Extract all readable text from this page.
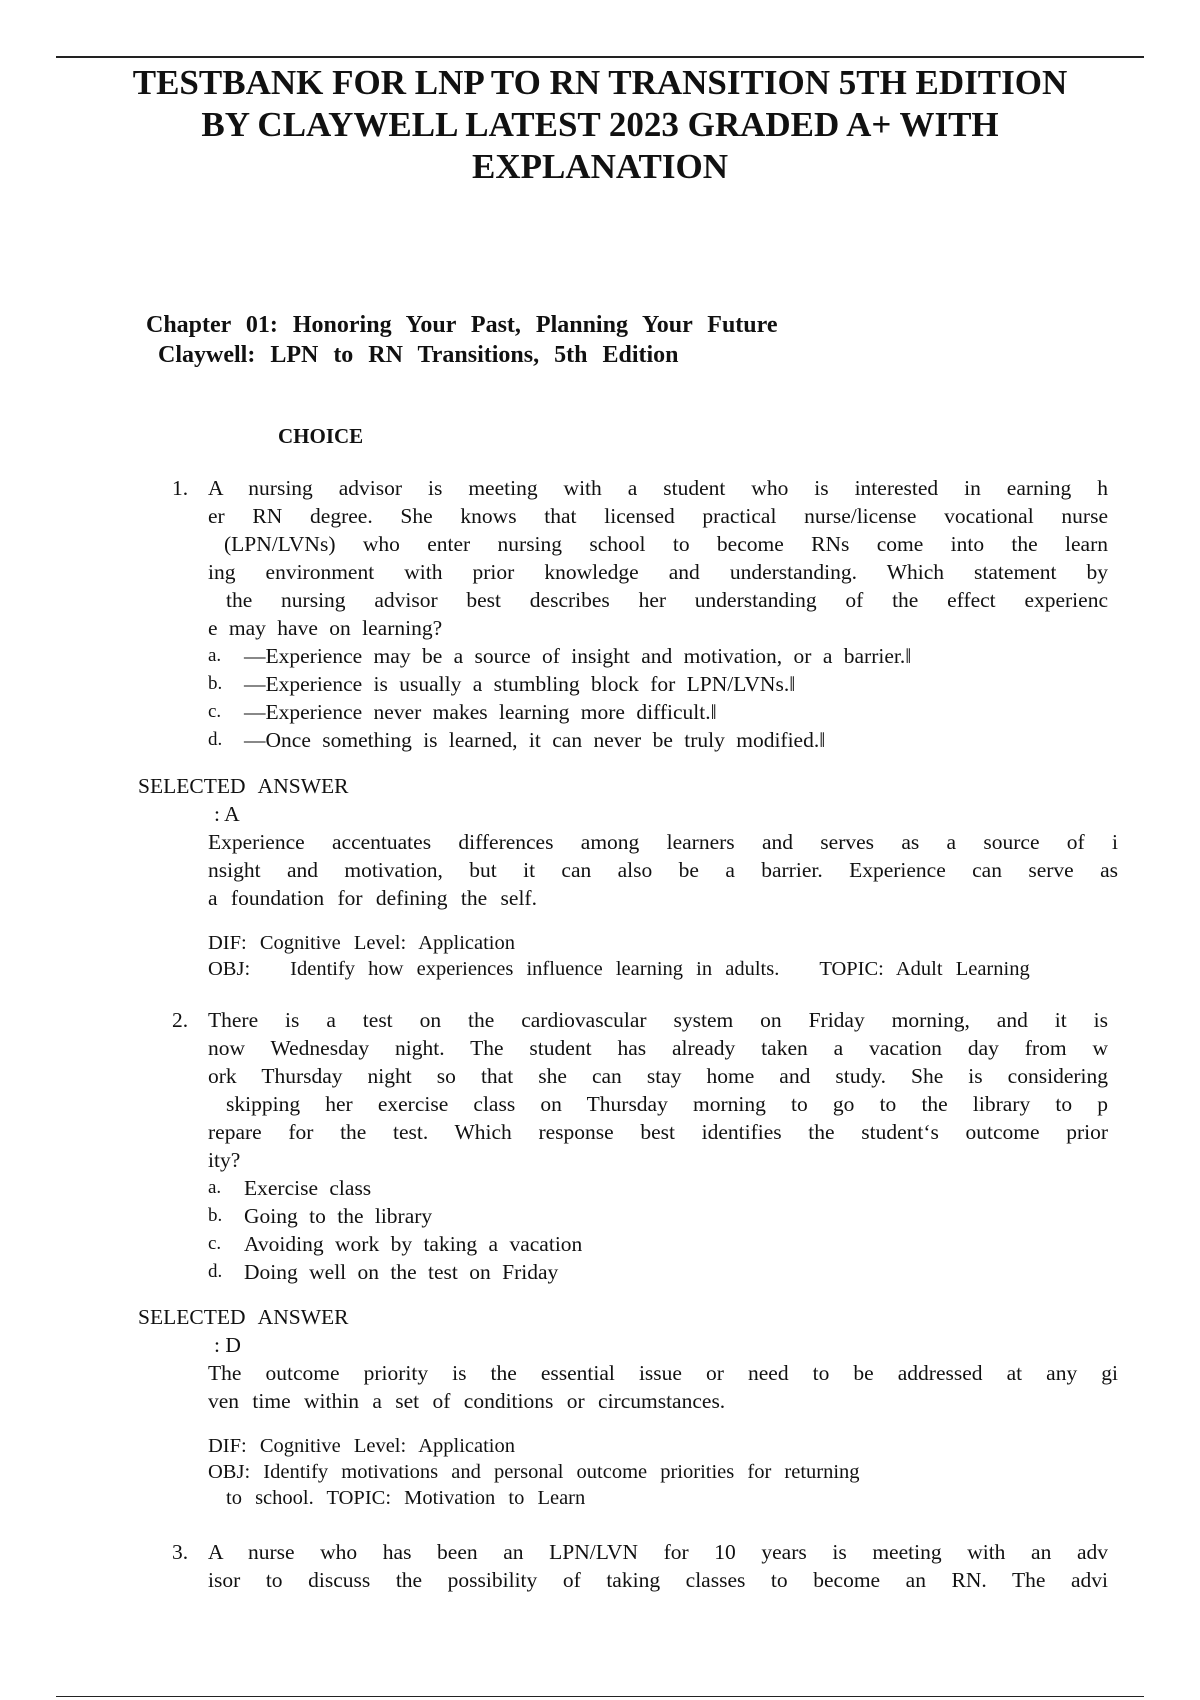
TESTBANK FOR LNP TO RN TRANSITION 5TH EDITION
BY CLAYWELL LATEST 2023 GRADED A+ WITH
EXPLANATION
Chapter 01: Honoring Your Past, Planning Your Future
Claywell: LPN to RN Transitions, 5th Edition
CHOICE
1. A nursing advisor is meeting with a student who is interested in earning h
er RN degree. She knows that licensed practical nurse/license vocational nurse
(LPN/LVNs) who enter nursing school to become RNs come into the learn
ing environment with prior knowledge and understanding. Which statement by
the nursing advisor best describes her understanding of the effect experienc
e may have on learning?
a.	—Experience may be a source of insight and motivation, or a barrier.‖
b.	—Experience is usually a stumbling block for LPN/LVNs.‖
c.	—Experience never makes learning more difficult.‖
d.	—Once something is learned, it can never be truly modified.‖
SELECTED ANSWER
: A
Experience accentuates differences among learners and serves as a source of i
nsight and motivation, but it can also be a barrier. Experience can serve as
a foundation for defining the self.
DIF: Cognitive Level: Application
OBJ: Identify how experiences influence learning in adults. TOPIC: Adult Learning
2. There is a test on the cardiovascular system on Friday morning, and it is
now Wednesday night. The student has already taken a vacation day from w
ork Thursday night so that she can stay home and study. She is considering
skipping her exercise class on Thursday morning to go to the library to p
repare for the test. Which response best identifies the student‘s outcome prior
ity?
a.	Exercise class
b.	Going to the library
c.	Avoiding work by taking a vacation
d.	Doing well on the test on Friday
SELECTED ANSWER
: D
The outcome priority is the essential issue or need to be addressed at any gi
ven time within a set of conditions or circumstances.
DIF: Cognitive Level: Application
OBJ: Identify motivations and personal outcome priorities for returning
to school. TOPIC: Motivation to Learn
3. A nurse who has been an LPN/LVN for 10 years is meeting with an adv
isor to discuss the possibility of taking classes to become an RN. The advi
